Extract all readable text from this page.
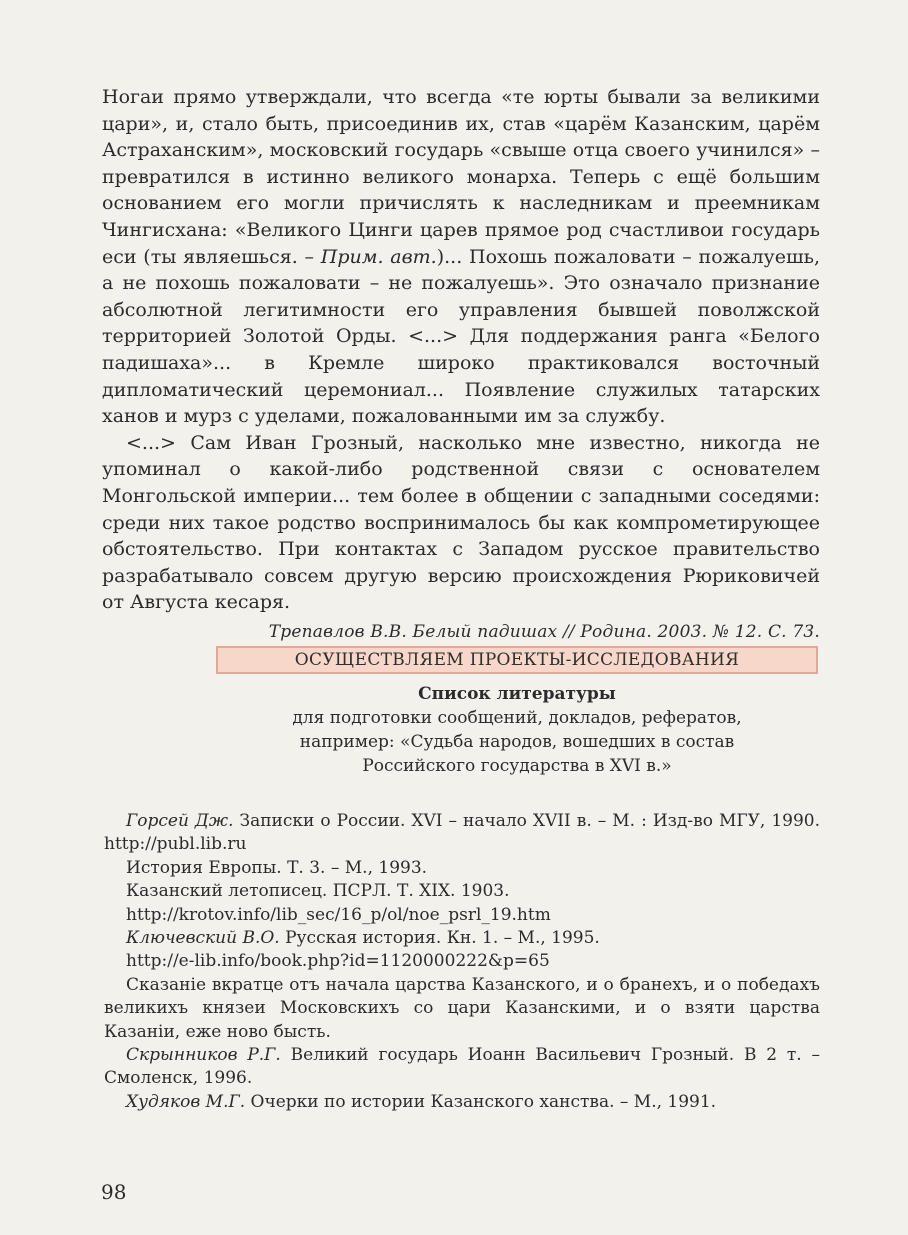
Ногаи прямо утверждали, что всегда «те юрты бывали за великими цари», и, стало быть, присоединив их, став «царём Казанским, царём Астраханским», московский государь «свыше отца своего учинился» – превратился в истинно великого монарха. Теперь с ещё большим основанием его могли причислять к наследникам и преемникам Чингисхана: «Великого Цинги царев прямое род счастливои государь еси (ты являешься. – Прим. авт.)... Похошь пожаловати – пожалуешь, а не похошь пожаловати – не пожалуешь». Это означало признание абсолютной легитимности его управления бывшей поволжской территорией Золотой Орды. <...> Для поддержания ранга «Белого падишаха»... в Кремле широко практиковался восточный дипломатический церемониал... Появление служилых татарских ханов и мурз с уделами, пожалованными им за службу.

<...> Сам Иван Грозный, насколько мне известно, никогда не упоминал о какой-либо родственной связи с основателем Монгольской империи... тем более в общении с западными соседями: среди них такое родство воспринималось бы как компрометирующее обстоятельство. При контактах с Западом русское правительство разрабатывало совсем другую версию происхождения Рюриковичей от Августа кесаря.

Трепавлов В.В. Белый падишах // Родина. 2003. № 12. С. 73.

ОСУЩЕСТВЛЯЕМ ПРОЕКТЫ-ИССЛЕДОВАНИЯ

Список литературы

для подготовки сообщений, докладов, рефератов,

например: «Судьба народов, вошедших в состав

Российского государства в XVI в.»

Горсей Дж. Записки о России. XVI – начало XVII в. – М. : Изд-во МГУ, 1990. http://publ.lib.ru

История Европы. Т. 3. – М., 1993.

Казанский летописец. ПСРЛ. Т. XIX. 1903.

http://krotov.info/lib_sec/16_p/ol/noe_psrl_19.htm

Ключевский В.О. Русская история. Кн. 1. – М., 1995.

http://e-lib.info/book.php?id=1120000222&p=65

Сказаніе вкратце отъ начала царства Казанского, и о бранехъ, и о победахъ великихъ князеи Московскихъ со цари Казанскими, и о взяти царства Казаніи, еже ново бысть.

Скрынников Р.Г. Великий государь Иоанн Васильевич Грозный. В 2 т. – Смоленск, 1996.

Худяков М.Г. Очерки по истории Казанского ханства. – М., 1991.

98
